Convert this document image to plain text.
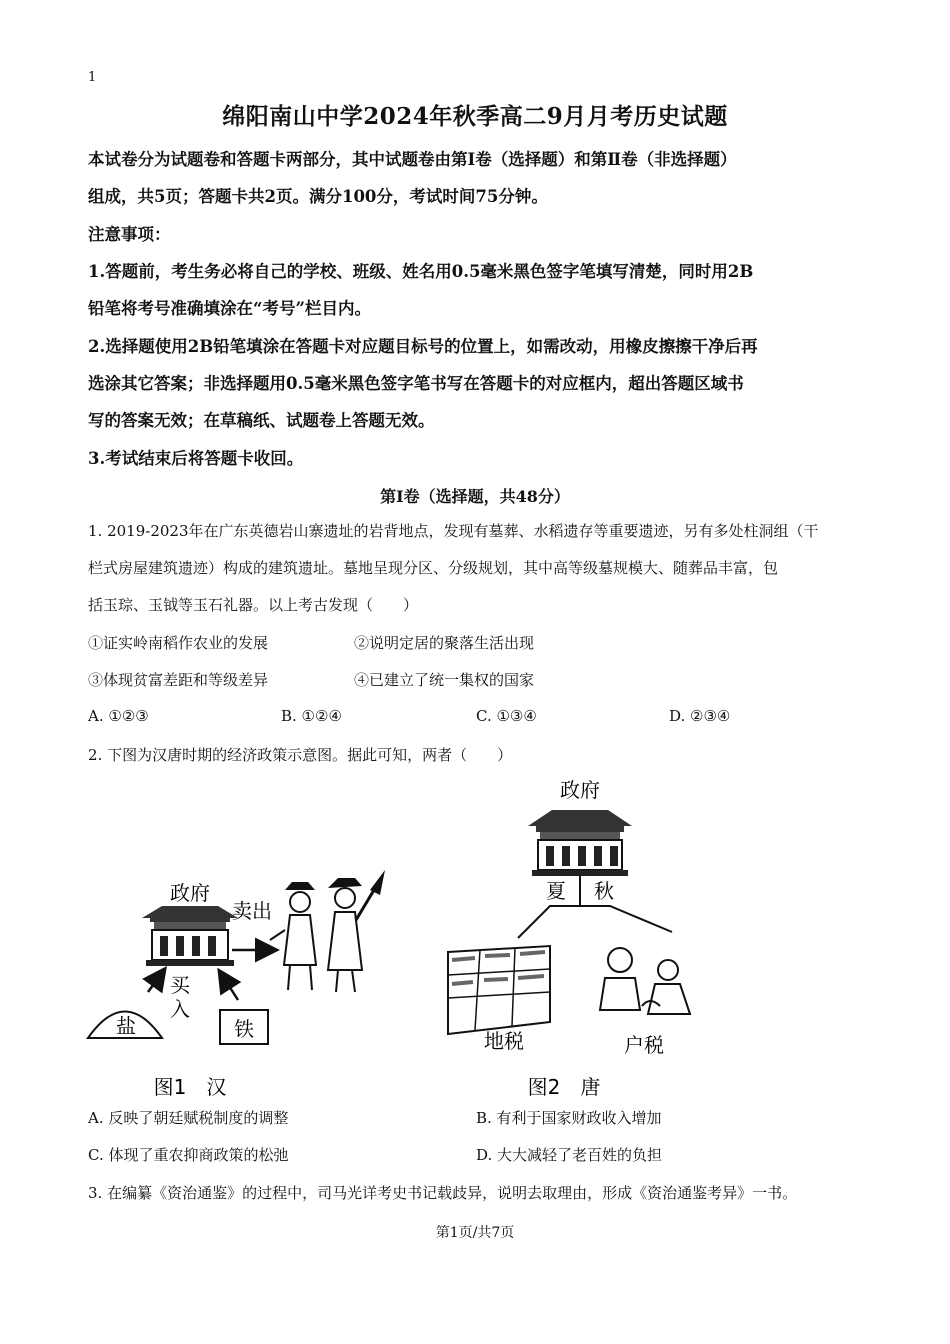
1
绵阳南山中学2024年秋季高二9月月考历史试题
本试卷分为试题卷和答题卡两部分，其中试题卷由第Ⅰ卷（选择题）和第Ⅱ卷（非选择题）
组成，共5页；答题卡共2页。满分100分，考试时间75分钟。
注意事项：
1.答题前，考生务必将自己的学校、班级、姓名用0.5毫米黑色签字笔填写清楚，同时用2B
铅笔将考号准确填涂在“考号”栏目内。
2.选择题使用2B铅笔填涂在答题卡对应题目标号的位置上，如需改动，用橡皮擦擦干净后再
选涂其它答案；非选择题用0.5毫米黑色签字笔书写在答题卡的对应框内，超出答题区域书
写的答案无效；在草稿纸、试题卷上答题无效。
3.考试结束后将答题卡收回。
第Ⅰ卷（选择题，共48分）
1. 2019-2023年在广东英德岩山寨遗址的岩背地点，发现有墓葬、水稻遗存等重要遗迹，另有多处柱洞组（干
栏式房屋建筑遗迹）构成的建筑遗址。墓地呈现分区、分级规划，其中高等级墓规模大、随葬品丰富，包
括玉琮、玉钺等玉石礼器。以上考古发现（　　）
①证实岭南稻作农业的发展	②说明定居的聚落生活出现
③体现贫富差距和等级差异	④已建立了统一集权的国家
A. ①②③	B. ①②④	C. ①③④	D. ②③④
2. 下图为汉唐时期的经济政策示意图。据此可知，两者（　　）
政府
卖出
买
入
盐	铁
图1　汉
政府
夏 秋
地税	户税
图2　唐
A. 反映了朝廷赋税制度的调整	B. 有利于国家财政收入增加
C. 体现了重农抑商政策的松弛	D. 大大减轻了老百姓的负担
3. 在编纂《资治通鉴》的过程中，司马光详考史书记载歧异，说明去取理由，形成《资治通鉴考异》一书。
第1页/共7页
